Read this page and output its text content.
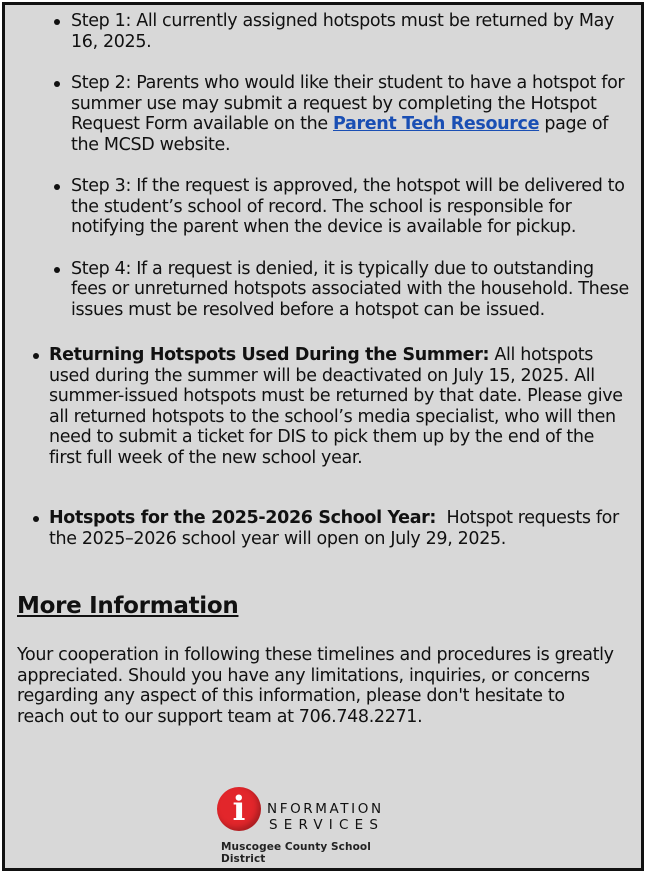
Step 1: All currently assigned hotspots must be returned by May 16, 2025.
Step 2: Parents who would like their student to have a hotspot for summer use may submit a request by completing the Hotspot Request Form available on the Parent Tech Resource page of the MCSD website.
Step 3: If the request is approved, the hotspot will be delivered to the student’s school of record. The school is responsible for notifying the parent when the device is available for pickup.
Step 4: If a request is denied, it is typically due to outstanding fees or unreturned hotspots associated with the household. These issues must be resolved before a hotspot can be issued.
Returning Hotspots Used During the Summer: All hotspots used during the summer will be deactivated on July 15, 2025. All summer-issued hotspots must be returned by that date. Please give all returned hotspots to the school’s media specialist, who will then need to submit a ticket for DIS to pick them up by the end of the first full week of the new school year.
Hotspots for the 2025-2026 School Year:  Hotspot requests for the 2025–2026 school year will open on July 29, 2025.
More Information

Your cooperation in following these timelines and procedures is greatly appreciated. Should you have any limitations, inquiries, or concerns regarding any aspect of this information, please don't hesitate to reach out to our support team at 706.748.2271.

i	NFORMATION
SERVICES
Muscogee County School District
